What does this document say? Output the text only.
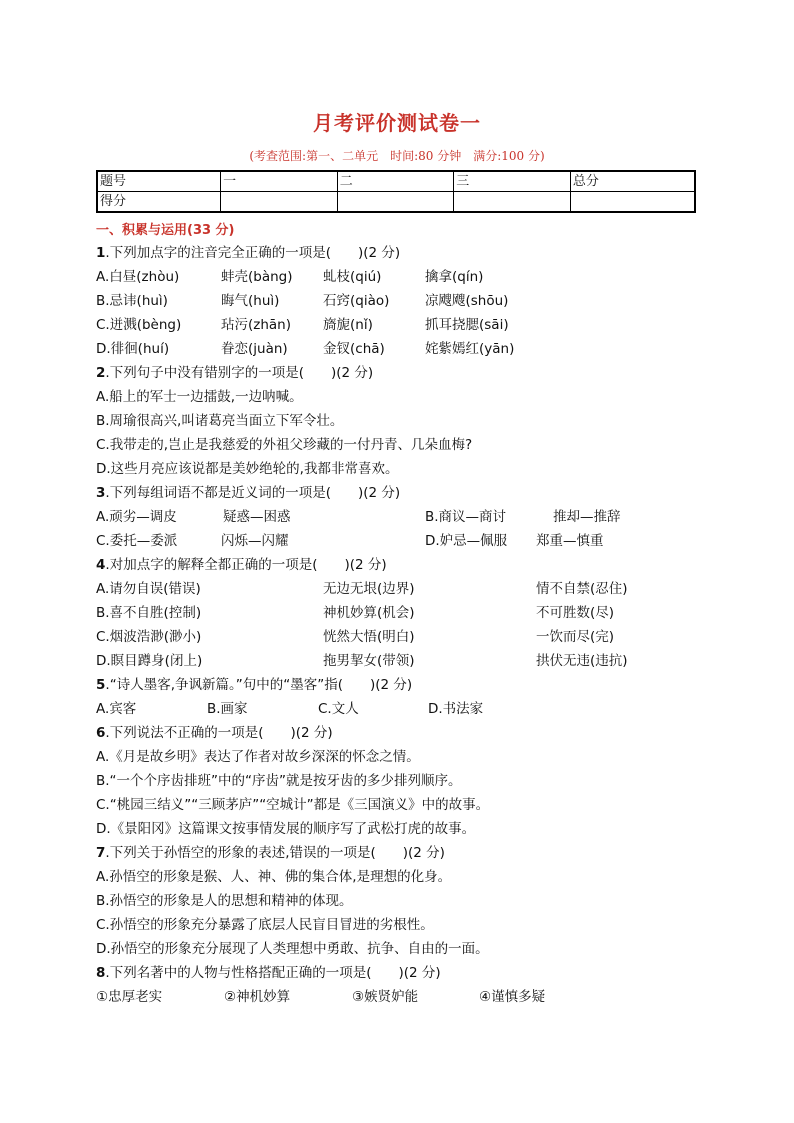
月考评价测试卷一
(考查范围:第一、二单元　时间:80 分钟　满分:100 分)
题号	一	二	三	总分
得分				
一、积累与运用(33 分)
1.下列加点字的注音完全正确的一项是(　　)(2 分)
A.白昼(zhòu)	蚌壳(bàng) 虬枝(qiú)	擒拿(qín)
B.忌讳(huì)	晦气(huì)	石窍(qiào)	凉飕飕(shōu)
C.迸溅(bèng)	玷污(zhān) 旖旎(nǐ)	抓耳挠腮(sāi)
D.徘徊(huí)	眷恋(juàn)	金钗(chā)	姹紫嫣红(yān)
2.下列句子中没有错别字的一项是(　　)(2 分)
A.船上的军士一边擂鼓,一边呐喊。
B.周瑜很高兴,叫诸葛亮当面立下军令壮。
C.我带走的,岂止是我慈爱的外祖父珍藏的一付丹青、几朵血梅?
D.这些月亮应该说都是美妙绝轮的,我都非常喜欢。
3.下列每组词语不都是近义词的一项是(　　)(2 分)
A.顽劣—调皮	疑惑—困惑	B.商议—商讨	推却—推辞
C.委托—委派	闪烁—闪耀	D.妒忌—佩服 郑重—慎重
4.对加点字的解释全都正确的一项是(　　)(2 分)
A.请勿自误(错误)	无边无垠(边界)	情不自禁(忍住)
B.喜不自胜(控制)	神机妙算(机会)	不可胜数(尽)
C.烟波浩渺(渺小)	恍然大悟(明白)	一饮而尽(完)
D.瞑目蹲身(闭上)	拖男挈女(带领)	拱伏无违(违抗)
5.“诗人墨客,争讽新篇。”句中的“墨客”指(　　)(2 分)
A.宾客	B.画家	C.文人	D.书法家
6.下列说法不正确的一项是(　　)(2 分)
A.《月是故乡明》表达了作者对故乡深深的怀念之情。
B.“一个个序齿排班”中的“序齿”就是按牙齿的多少排列顺序。
C.“桃园三结义”“三顾茅庐”“空城计”都是《三国演义》中的故事。
D.《景阳冈》这篇课文按事情发展的顺序写了武松打虎的故事。
7.下列关于孙悟空的形象的表述,错误的一项是(　　)(2 分)
A.孙悟空的形象是猴、人、神、佛的集合体,是理想的化身。
B.孙悟空的形象是人的思想和精神的体现。
C.孙悟空的形象充分暴露了底层人民盲目冒进的劣根性。
D.孙悟空的形象充分展现了人类理想中勇敢、抗争、自由的一面。
8.下列名著中的人物与性格搭配正确的一项是(　　)(2 分)
①忠厚老实	②神机妙算	③嫉贤妒能	④谨慎多疑
